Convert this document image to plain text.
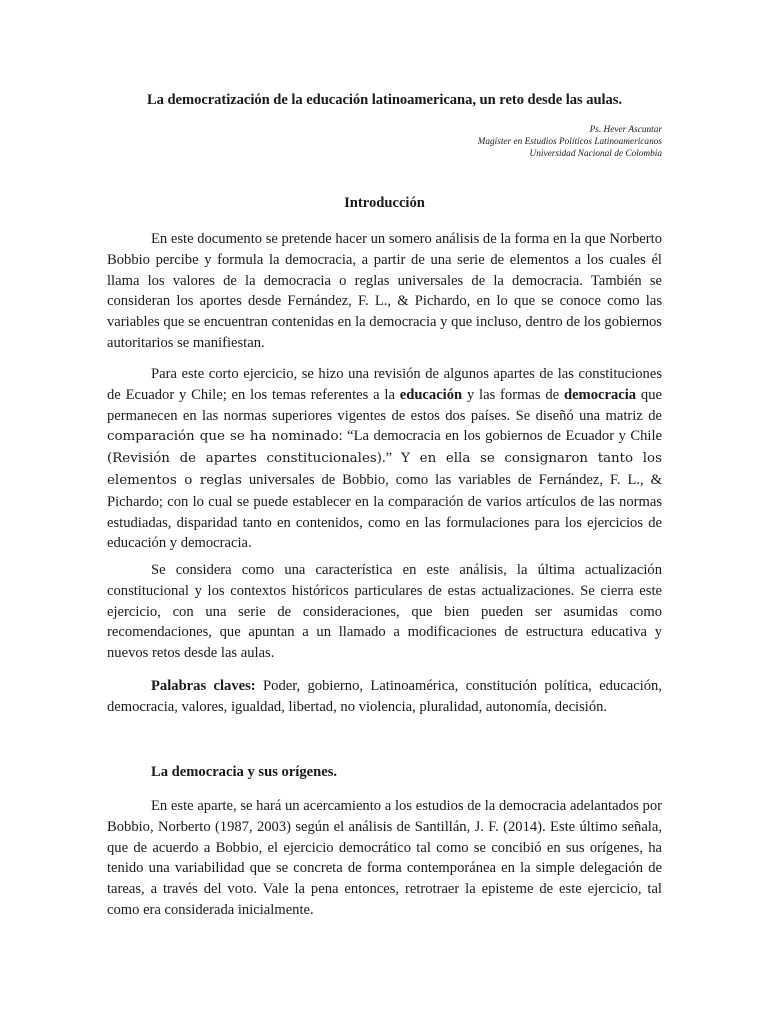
La democratización de la educación latinoamericana, un reto desde las aulas.
Ps. Hever Ascuntar
Magíster en Estudios Políticos Latinoamericanos
Universidad Nacional de Colombia
Introducción

En este documento se pretende hacer un somero análisis de la forma en la que Norberto Bobbio percibe y formula la democracia, a partir de una serie de elementos a los cuales él llama los valores de la democracia o reglas universales de la democracia. También se consideran los aportes desde Fernández, F. L., & Pichardo, en lo que se conoce como las variables que se encuentran contenidas en la democracia y que incluso, dentro de los gobiernos autoritarios se manifiestan.

Para este corto ejercicio, se hizo una revisión de algunos apartes de las constituciones de Ecuador y Chile; en los temas referentes a la educación y las formas de democracia que permanecen en las normas superiores vigentes de estos dos países. Se diseñó una matriz de comparación que se ha nominado: “La democracia en los gobiernos de Ecuador y Chile (Revisión de apartes constitucionales).” Y en ella se consignaron tanto los elementos o reglas universales de Bobbio, como las variables de Fernández, F. L., & Pichardo; con lo cual se puede establecer en la comparación de varios artículos de las normas estudiadas, disparidad tanto en contenidos, como en las formulaciones para los ejercicios de educación y democracia.

Se considera como una característica en este análisis, la última actualización constitucional y los contextos históricos particulares de estas actualizaciones. Se cierra este ejercicio, con una serie de consideraciones, que bien pueden ser asumidas como recomendaciones, que apuntan a un llamado a modificaciones de estructura educativa y nuevos retos desde las aulas.

Palabras claves: Poder, gobierno, Latinoamérica, constitución política, educación, democracia, valores, igualdad, libertad, no violencia, pluralidad, autonomía, decisión.

La democracia y sus orígenes.

En este aparte, se hará un acercamiento a los estudios de la democracia adelantados por Bobbio, Norberto (1987, 2003) según el análisis de Santillán, J. F. (2014). Este último señala, que de acuerdo a Bobbio, el ejercicio democrático tal como se concibió en sus orígenes, ha tenido una variabilidad que se concreta de forma contemporánea en la simple delegación de tareas, a través del voto. Vale la pena entonces, retrotraer la episteme de este ejercicio, tal como era considerada inicialmente.
